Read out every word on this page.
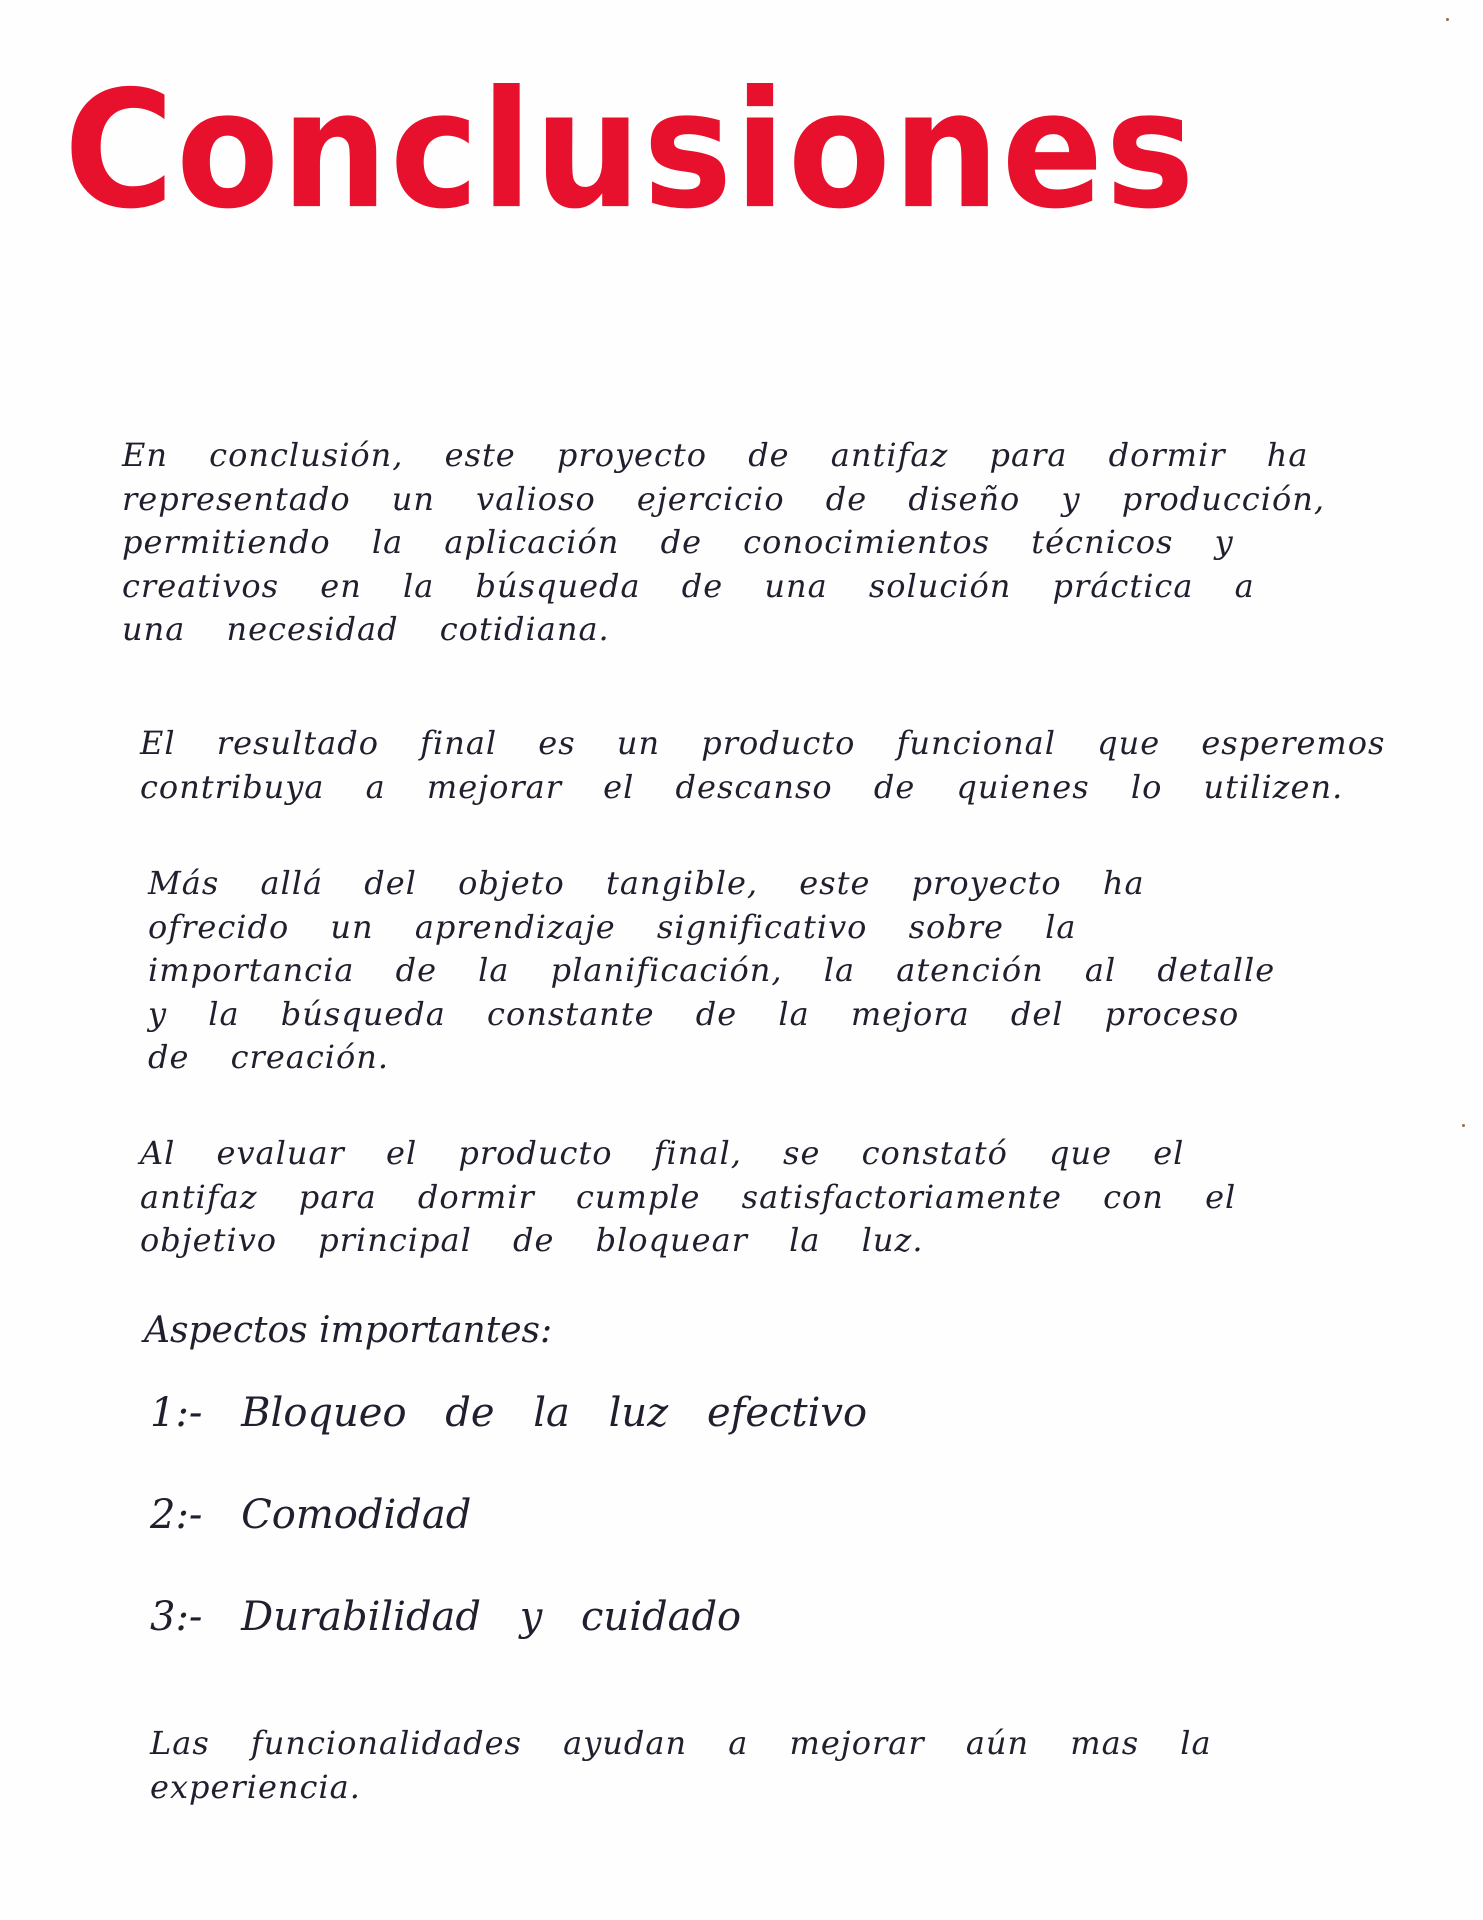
Conclusiones

En conclusión, este proyecto de antifaz para dormir ha representado un valioso ejercicio de diseño y producción, permitiendo la aplicación de conocimientos técnicos y creativos en la búsqueda de una solución práctica a una necesidad cotidiana.

El resultado final es un producto funcional que esperemos contribuya a mejorar el descanso de quienes lo utilizen.

Más allá del objeto tangible, este proyecto ha ofrecido un aprendizaje significativo sobre la importancia de la planificación, la atención al detalle y la búsqueda constante de la mejora del proceso de creación.

Al evaluar el producto final, se constató que el antifaz para dormir cumple satisfactoriamente con el objetivo principal de bloquear la luz.

Aspectos importantes:
1:- Bloqueo de la luz efectivo
2:- Comodidad
3:- Durabilidad y cuidado

Las funcionalidades ayudan a mejorar aún mas la experiencia.
